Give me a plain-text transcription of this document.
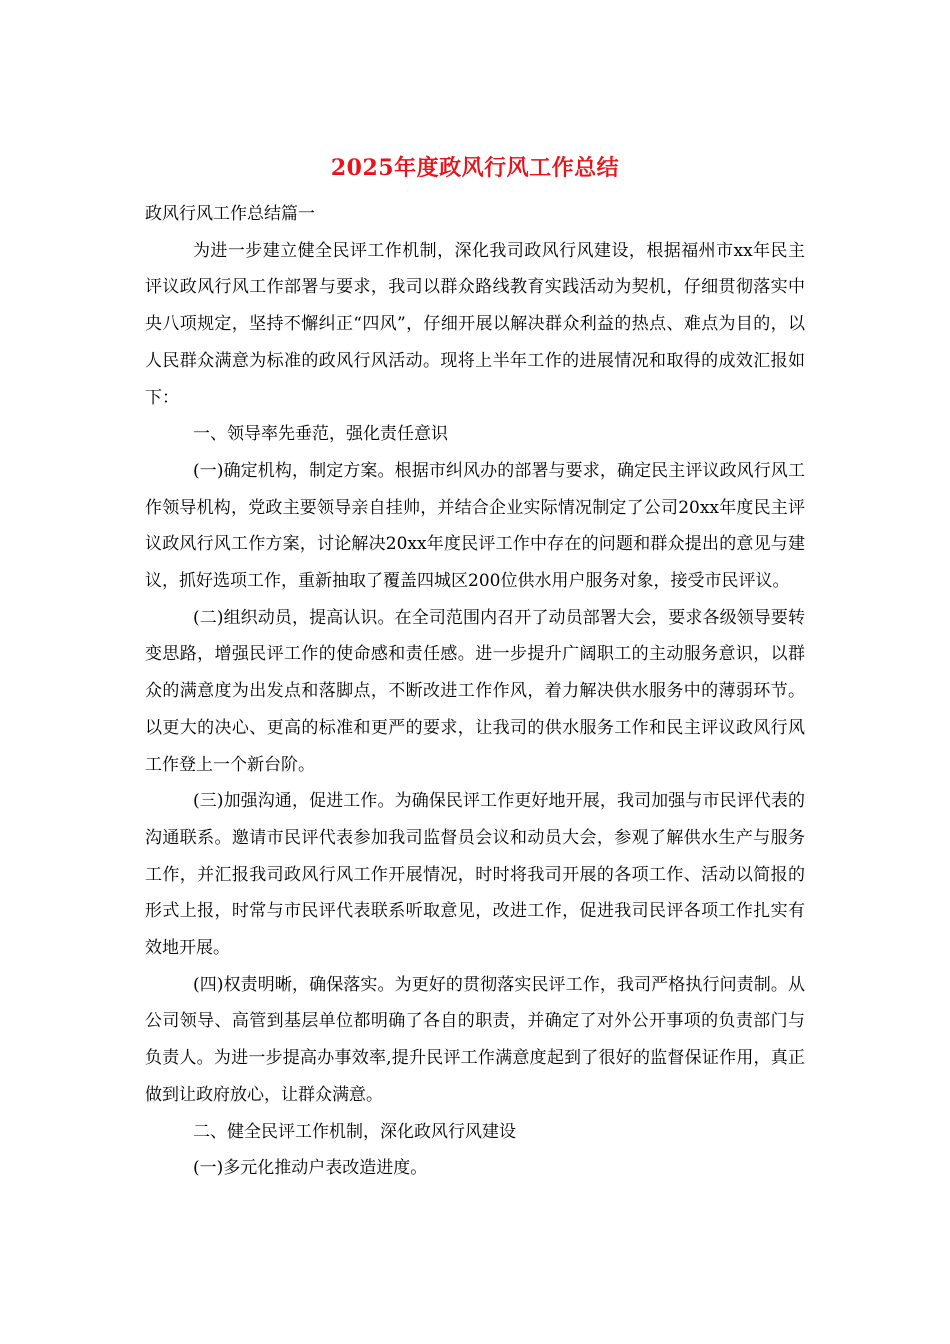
2025年度政风行风工作总结

政风行风工作总结篇一

为进一步建立健全民评工作机制，深化我司政风行风建设，根据福州市xx年民主评议政风行风工作部署与要求，我司以群众路线教育实践活动为契机，仔细贯彻落实中央八项规定，坚持不懈纠正“四风”，仔细开展以解决群众利益的热点、难点为目的，以人民群众满意为标准的政风行风活动。现将上半年工作的进展情况和取得的成效汇报如下：

一、领导率先垂范，强化责任意识

(一)确定机构，制定方案。根据市纠风办的部署与要求，确定民主评议政风行风工作领导机构，党政主要领导亲自挂帅，并结合企业实际情况制定了公司20xx年度民主评议政风行风工作方案，讨论解决20xx年度民评工作中存在的问题和群众提出的意见与建议，抓好选项工作，重新抽取了覆盖四城区200位供水用户服务对象，接受市民评议。

(二)组织动员，提高认识。在全司范围内召开了动员部署大会，要求各级领导要转变思路，增强民评工作的使命感和责任感。进一步提升广阔职工的主动服务意识，以群众的满意度为出发点和落脚点，不断改进工作作风，着力解决供水服务中的薄弱环节。以更大的决心、更高的标准和更严的要求，让我司的供水服务工作和民主评议政风行风工作登上一个新台阶。

(三)加强沟通，促进工作。为确保民评工作更好地开展，我司加强与市民评代表的沟通联系。邀请市民评代表参加我司监督员会议和动员大会，参观了解供水生产与服务工作，并汇报我司政风行风工作开展情况，时时将我司开展的各项工作、活动以简报的形式上报，时常与市民评代表联系听取意见，改进工作，促进我司民评各项工作扎实有效地开展。

(四)权责明晰，确保落实。为更好的贯彻落实民评工作，我司严格执行问责制。从公司领导、高管到基层单位都明确了各自的职责，并确定了对外公开事项的负责部门与负责人。为进一步提高办事效率,提升民评工作满意度起到了很好的监督保证作用，真正做到让政府放心，让群众满意。

二、健全民评工作机制，深化政风行风建设

(一)多元化推动户表改造进度。
